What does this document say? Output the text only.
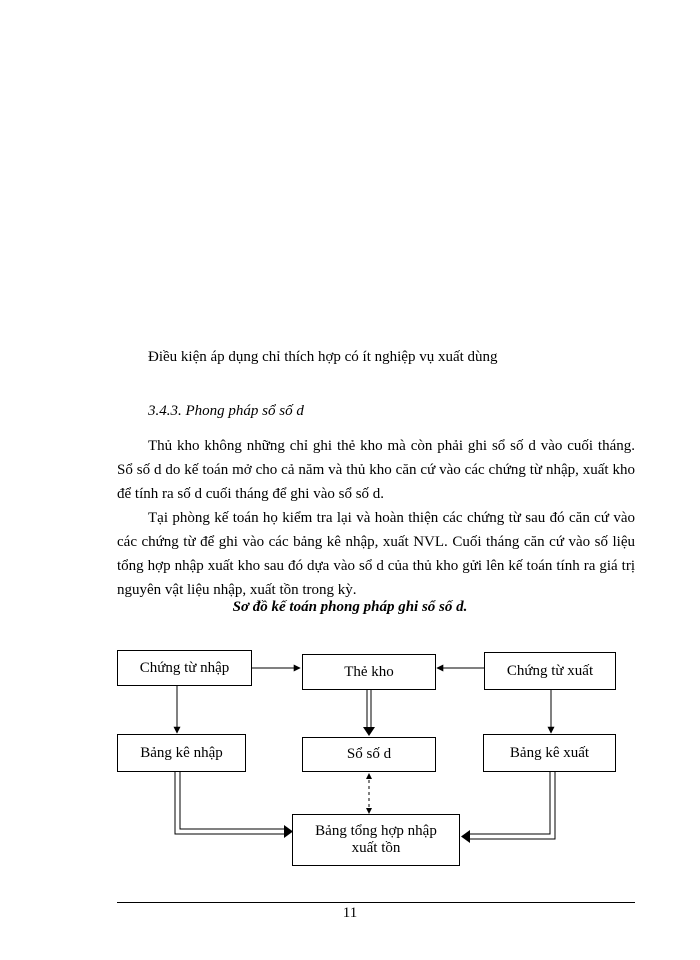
Điều kiện áp dụng chỉ thích hợp có ít nghiệp vụ xuất dùng
3.4.3. Phong pháp sổ số d
Thủ kho không những chỉ ghi thẻ kho mà còn phải ghi sổ số d vào cuối tháng. Sổ số d do kế toán mở cho cả năm và thủ kho căn cứ vào các chứng từ nhập, xuất kho để tính ra số d cuối tháng để ghi vào sổ số d.
Tại phòng kế toán họ kiểm tra lại và hoàn thiện các chứng từ sau đó căn cứ vào các chứng từ để ghi vào các bảng kê nhập, xuất NVL. Cuối tháng căn cứ vào số liệu tổng hợp nhập xuất kho sau đó dựa vào sổ d của thủ kho gửi lên kế toán tính ra giá trị nguyên vật liệu nhập, xuất tồn trong kỳ.
Sơ đồ kế toán phong pháp ghi sổ số d.
Chứng từ nhập	Thẻ kho	Chứng từ xuất
Bảng kê nhập	Sổ số d	Bảng kê xuất
Bảng tổng hợp nhập
xuất tồn
11
